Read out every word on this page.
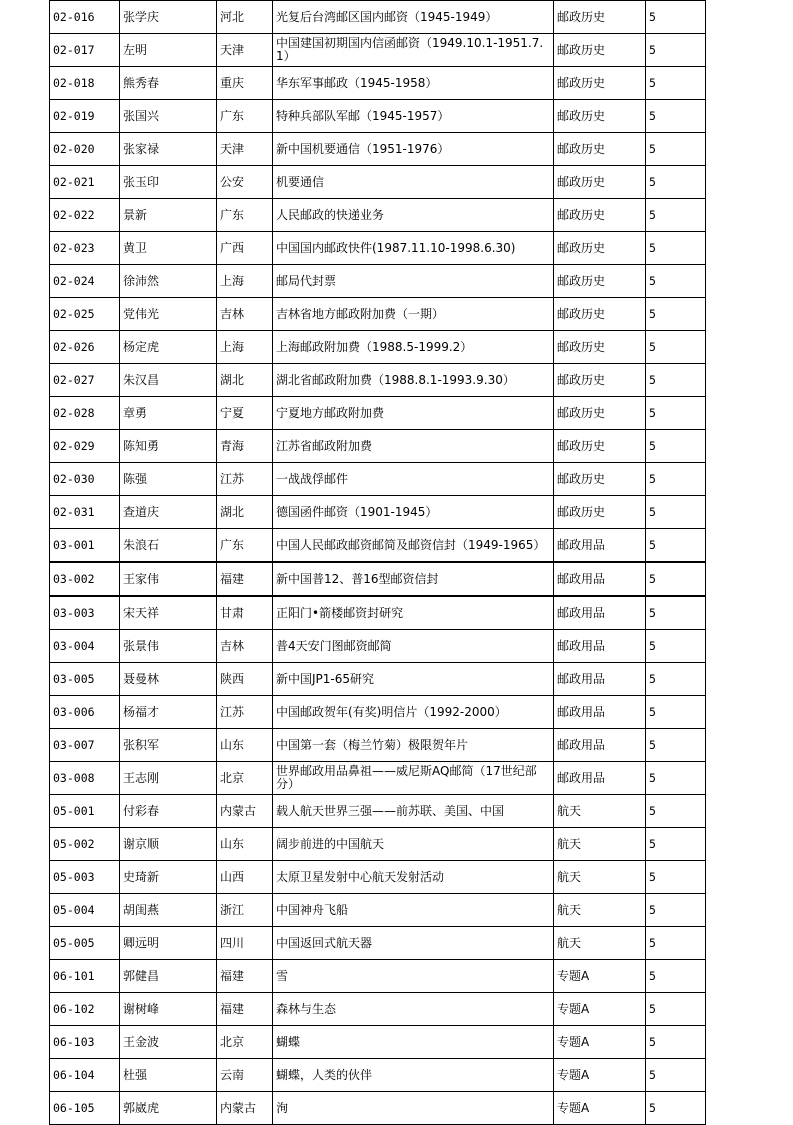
02-016	张学庆	河北	光复后台湾邮区国内邮资（1945-1949）	邮政历史	5
02-017	左明	天津	中国建国初期国内信函邮资（1949.10.1-1951.7.1）	邮政历史	5
02-018	熊秀春	重庆	华东军事邮政（1945-1958）	邮政历史	5
02-019	张国兴	广东	特种兵部队军邮（1945-1957）	邮政历史	5
02-020	张家禄	天津	新中国机要通信（1951-1976）	邮政历史	5
02-021	张玉印	公安	机要通信	邮政历史	5
02-022	景新	广东	人民邮政的快递业务	邮政历史	5
02-023	黄卫	广西	中国国内邮政快件(1987.11.10-1998.6.30)	邮政历史	5
02-024	徐沛然	上海	邮局代封票	邮政历史	5
02-025	党伟光	吉林	吉林省地方邮政附加费（一期）	邮政历史	5
02-026	杨定虎	上海	上海邮政附加费（1988.5-1999.2）	邮政历史	5
02-027	朱汉昌	湖北	湖北省邮政附加费（1988.8.1-1993.9.30）	邮政历史	5
02-028	章勇	宁夏	宁夏地方邮政附加费	邮政历史	5
02-029	陈知勇	青海	江苏省邮政附加费	邮政历史	5
02-030	陈强	江苏	一战战俘邮件	邮政历史	5
02-031	查道庆	湖北	德国函件邮资（1901-1945）	邮政历史	5
03-001	朱浪石	广东	中国人民邮政邮资邮简及邮资信封（1949-1965）	邮政用品	5
03-002	王家伟	福建	新中国普12、普16型邮资信封	邮政用品	5
03-003	宋天祥	甘肃	正阳门•箭楼邮资封研究	邮政用品	5
03-004	张景伟	吉林	普4天安门图邮资邮简	邮政用品	5
03-005	聂曼林	陕西	新中国JP1-65研究	邮政用品	5
03-006	杨福才	江苏	中国邮政贺年(有奖)明信片（1992-2000）	邮政用品	5
03-007	张积军	山东	中国第一套（梅兰竹菊）极限贺年片	邮政用品	5
03-008	王志刚	北京	世界邮政用品鼻祖——威尼斯AQ邮简（17世纪部分）	邮政用品	5
05-001	付彩春	内蒙古	载人航天世界三强——前苏联、美国、中国	航天	5
05-002	谢京顺	山东	阔步前进的中国航天	航天	5
05-003	史琦新	山西	太原卫星发射中心航天发射活动	航天	5
05-004	胡闺燕	浙江	中国神舟飞船	航天	5
05-005	卿远明	四川	中国返回式航天器	航天	5
06-101	郭健昌	福建	雪	专题A	5
06-102	谢树峰	福建	森林与生态	专题A	5
06-103	王金波	北京	蝴蝶	专题A	5
06-104	杜强	云南	蝴蝶，人类的伙伴	专题A	5
06-105	郭崴虎	内蒙古	洵	专题A	5
